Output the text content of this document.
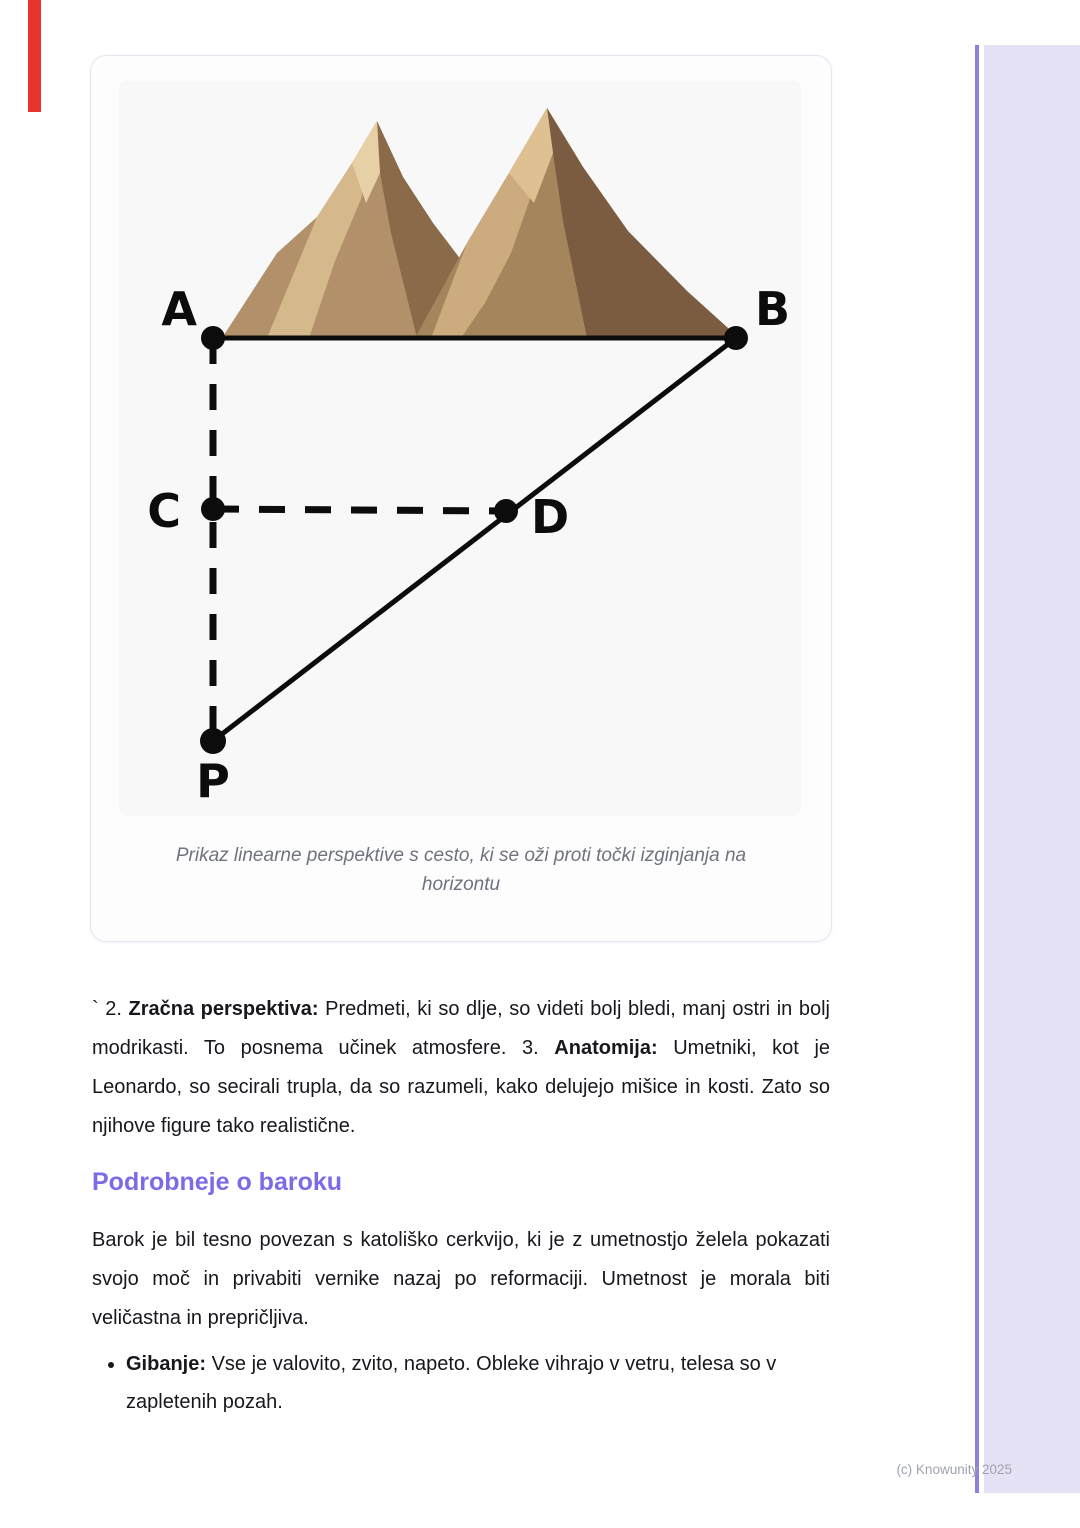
A	B
C	D
P
Prikaz linearne perspektive s cesto, ki se oži proti točki izginjanja na
horizontu

` 2. Zračna perspektiva: Predmeti, ki so dlje, so videti bolj bledi, manj ostri in bolj modrikasti. To posnema učinek atmosfere. 3. Anatomija: Umetniki, kot je Leonardo, so secirali trupla, da so razumeli, kako delujejo mišice in kosti. Zato so njihove figure tako realistične.

Podrobneje o baroku

Barok je bil tesno povezan s katoliško cerkvijo, ki je z umetnostjo želela pokazati svojo moč in privabiti vernike nazaj po reformaciji. Umetnost je morala biti veličastna in prepričljiva.

• Gibanje: Vse je valovito, zvito, napeto. Obleke vihrajo v vetru, telesa so v zapletenih pozah.
(c) Knowunity 2025
